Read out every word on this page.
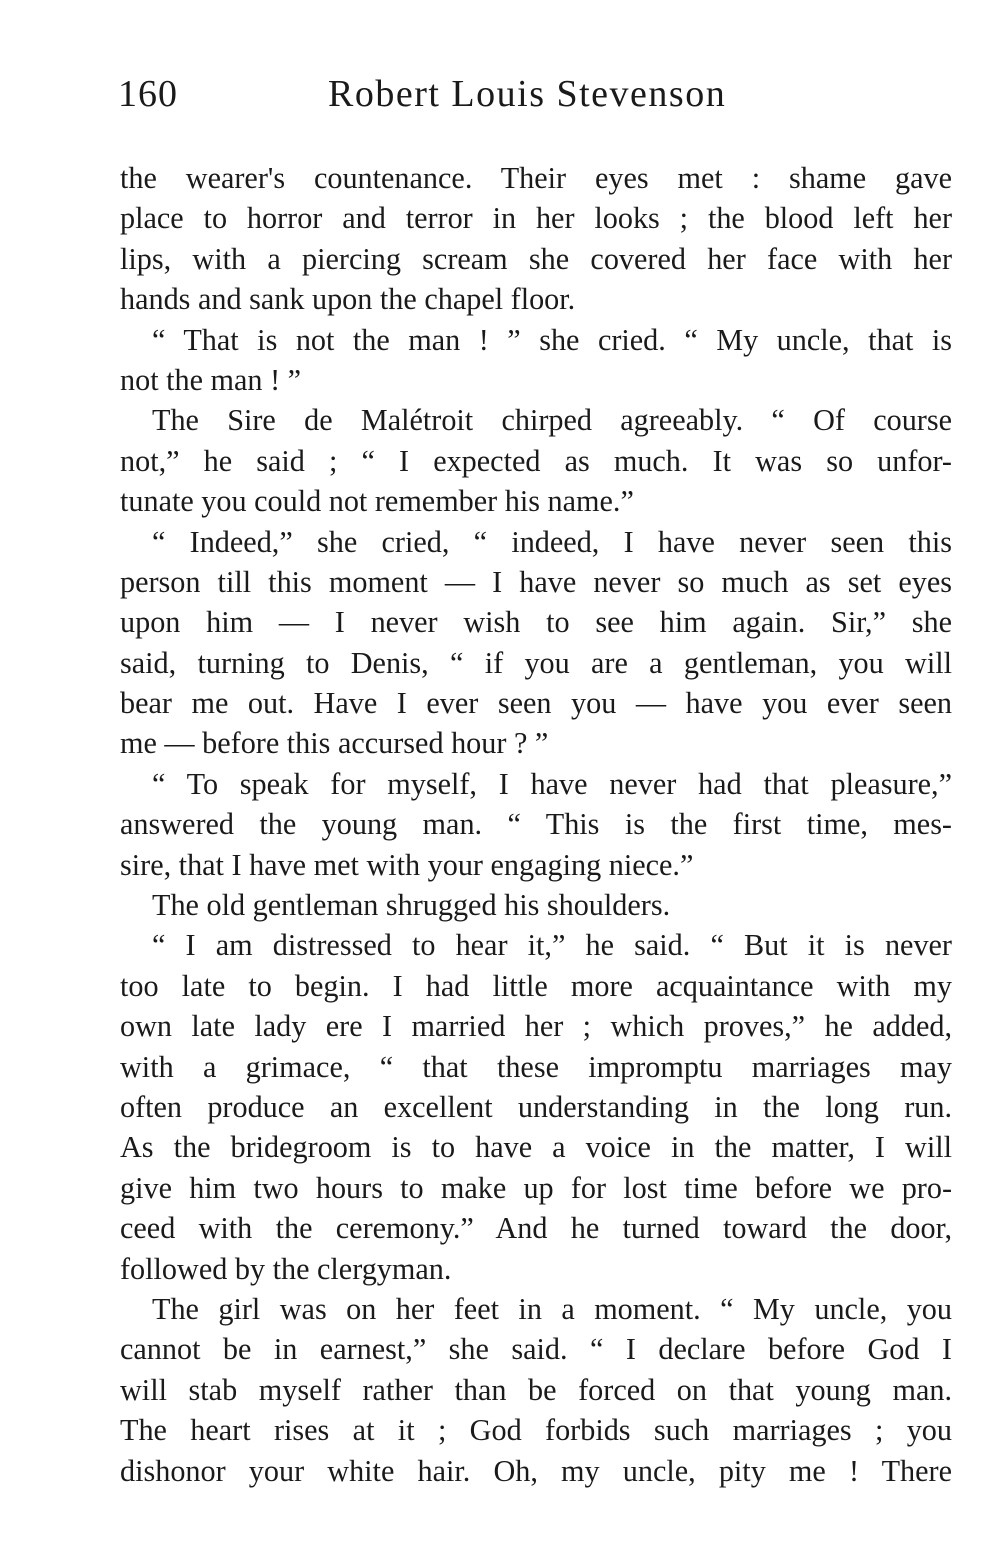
160	Robert Louis Stevenson
the wearer's countenance. Their eyes met : shame gave
place to horror and terror in her looks ; the blood left her
lips, with a piercing scream she covered her face with her
hands and sank upon the chapel floor.
“ That is not the man ! ” she cried. “ My uncle, that is
not the man ! ”
The Sire de Malétroit chirped agreeably. “ Of course
not,” he said ; “ I expected as much. It was so unfor-
tunate you could not remember his name.”
“ Indeed,” she cried, “ indeed, I have never seen this
person till this moment — I have never so much as set eyes
upon him — I never wish to see him again. Sir,” she
said, turning to Denis, “ if you are a gentleman, you will
bear me out. Have I ever seen you — have you ever seen
me — before this accursed hour ? ”
“ To speak for myself, I have never had that pleasure,”
answered the young man. “ This is the first time, mes-
sire, that I have met with your engaging niece.”
The old gentleman shrugged his shoulders.
“ I am distressed to hear it,” he said. “ But it is never
too late to begin. I had little more acquaintance with my
own late lady ere I married her ; which proves,” he added,
with a grimace, “ that these impromptu marriages may
often produce an excellent understanding in the long run.
As the bridegroom is to have a voice in the matter, I will
give him two hours to make up for lost time before we pro-
ceed with the ceremony.” And he turned toward the door,
followed by the clergyman.
The girl was on her feet in a moment. “ My uncle, you
cannot be in earnest,” she said. “ I declare before God I
will stab myself rather than be forced on that young man.
The heart rises at it ; God forbids such marriages ; you
dishonor your white hair. Oh, my uncle, pity me ! There
